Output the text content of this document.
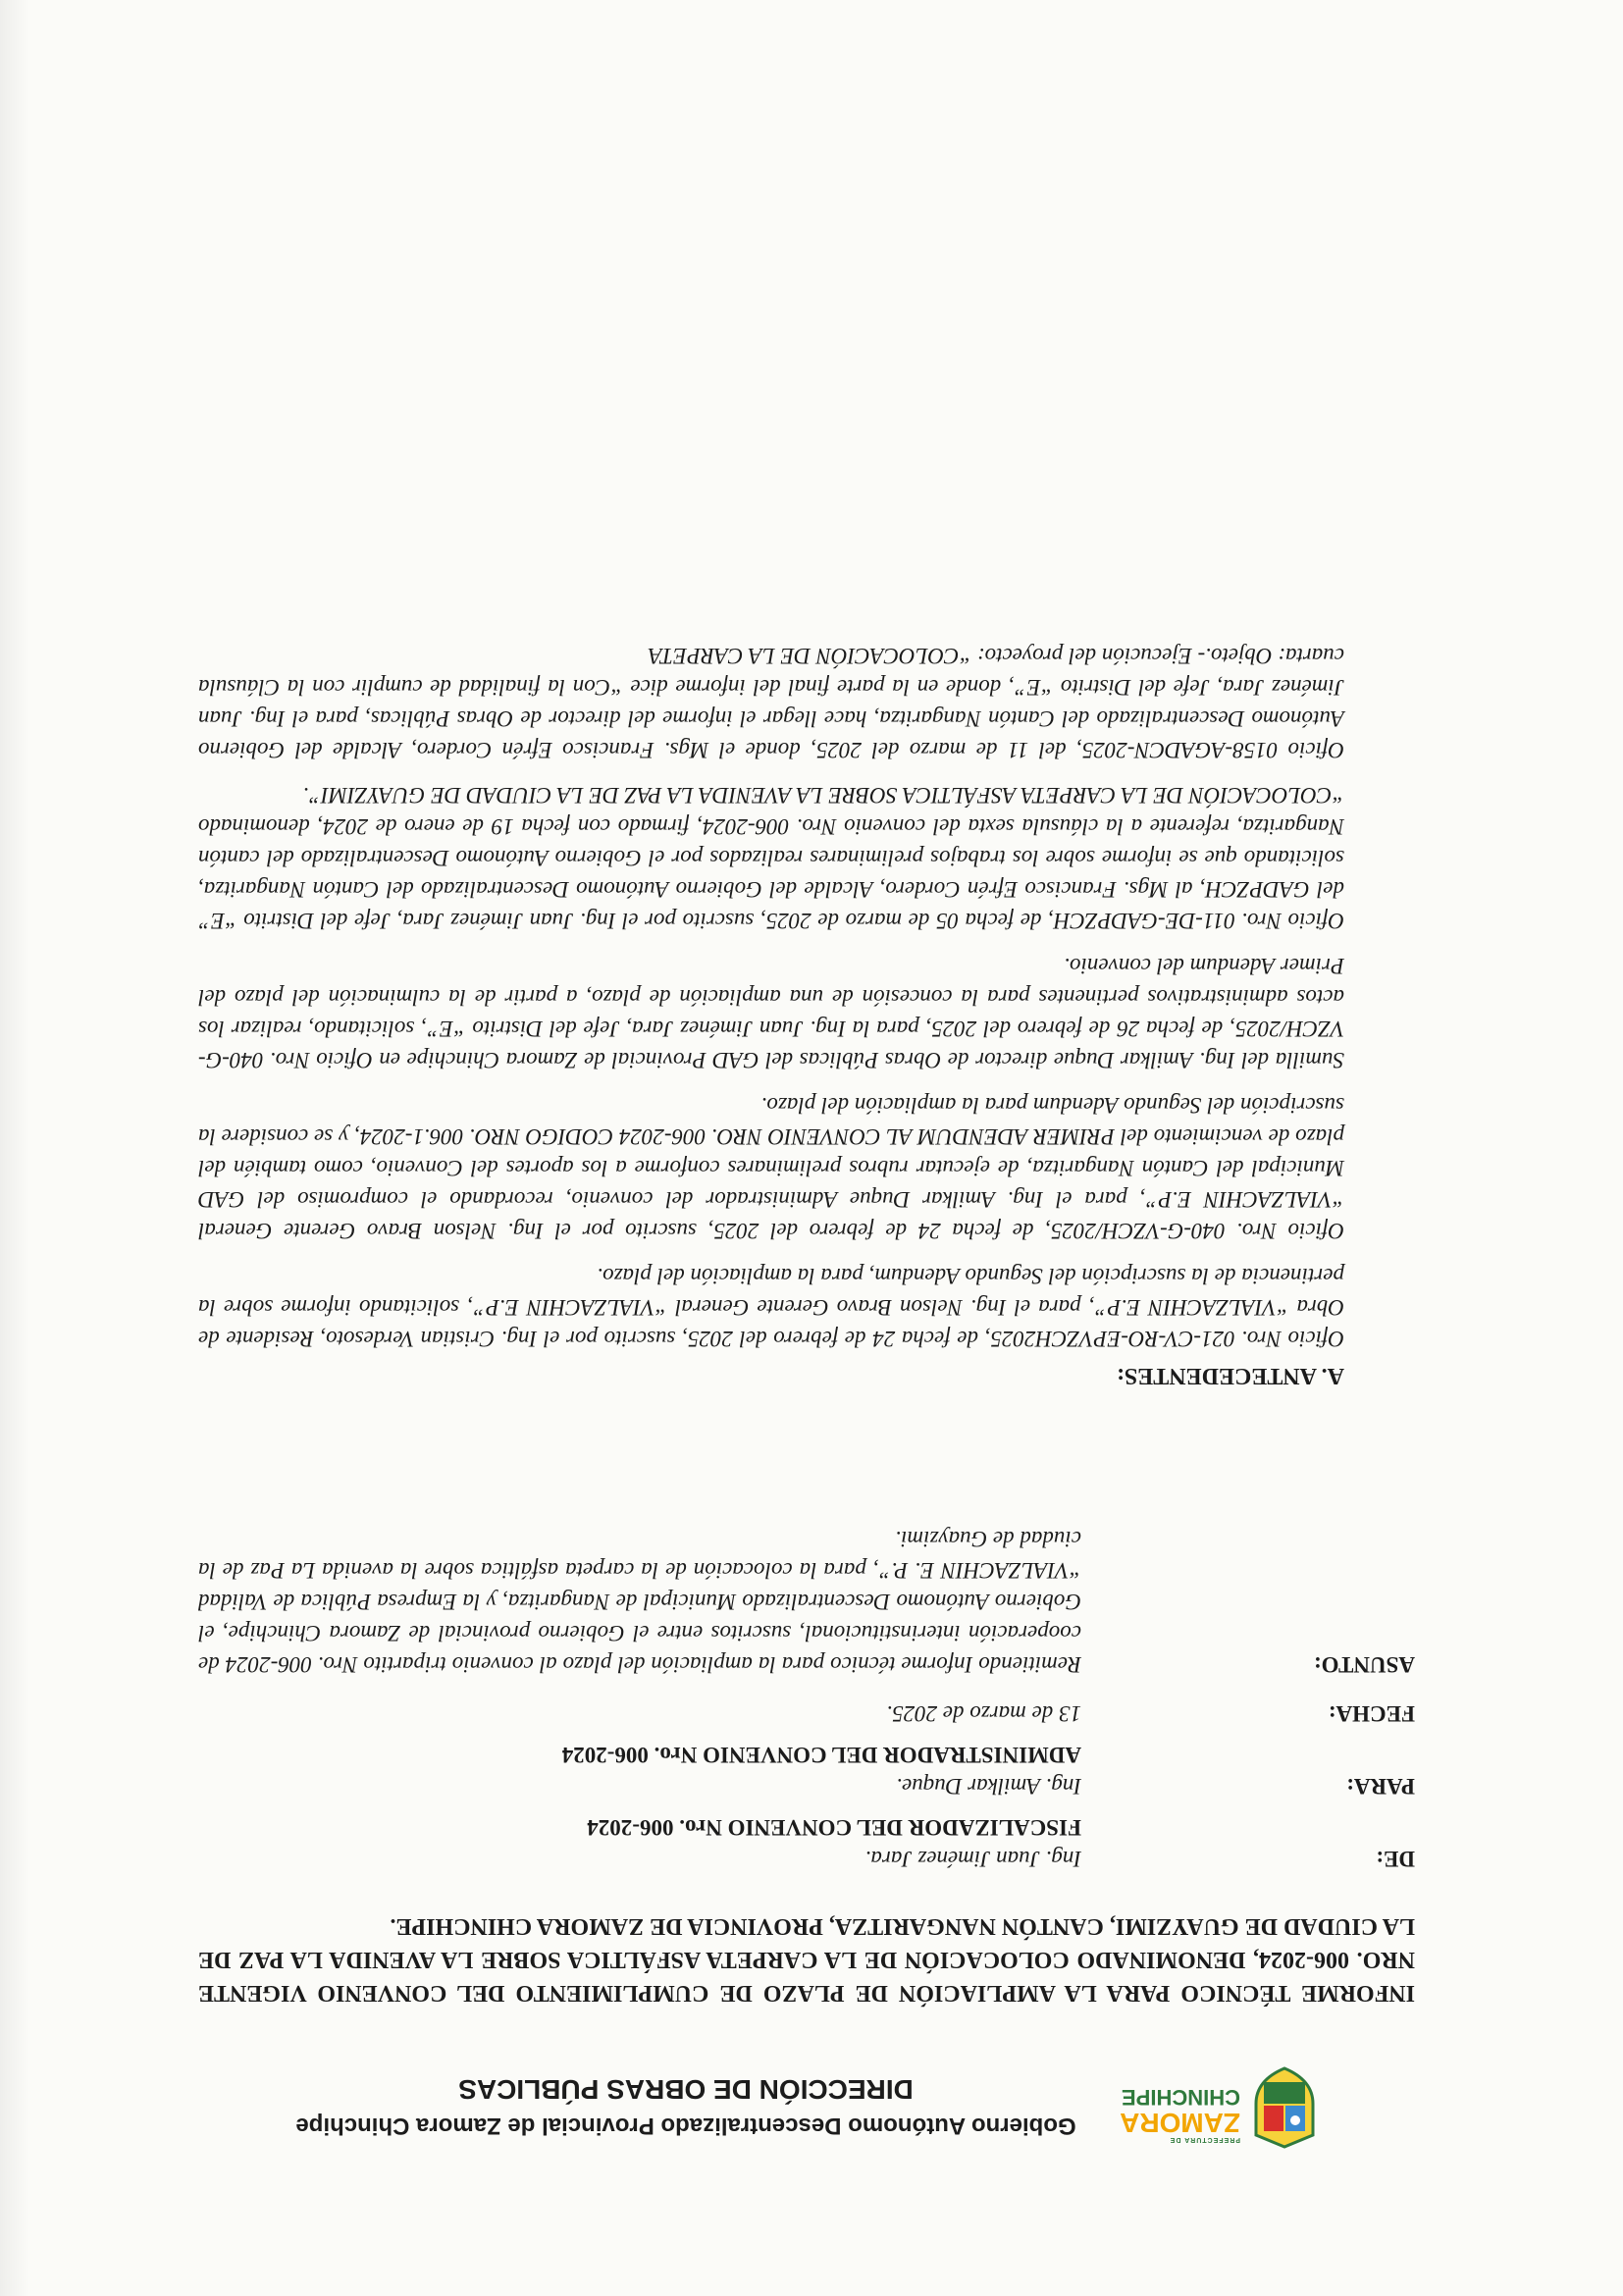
PREFECTURA DE
ZAMORA
CHINCHIPE
Gobierno Autónomo Descentralizado Provincial de Zamora Chinchipe
DIRECCIÓN DE OBRAS PÚBLICAS
INFORME TÉCNICO PARA LA AMPLIACIÓN DE PLAZO DE CUMPLIMIENTO DEL CONVENIO VIGENTE NRO. 006-2024, DENOMINADO COLOCACIÓN DE LA CARPETA ASFÁLTICA SOBRE LA AVENIDA LA PAZ DE LA CIUDAD DE GUAYZIMI, CANTÓN NANGARITZA, PROVINCIA DE ZAMORA CHINCHIPE.
DE:
Ing. Juan Jiménez Jara.
FISCALIZADOR DEL CONVENIO Nro. 006-2024
PARA:
Ing. Amilkar Duque.
ADMINISTRADOR DEL CONVENIO Nro. 006-2024
FECHA:
13 de marzo de 2025.
ASUNTO:
Remitiendo Informe técnico para la ampliación del plazo al convenio tripartito Nro. 006-2024 de cooperación interinstitucional, suscritos entre el Gobierno provincial de Zamora Chinchipe, el Gobierno Autónomo Descentralizado Municipal de Nangaritza, y la Empresa Pública de Validad “VIALZACHIN E. P.”, para la colocación de la carpeta asfáltica sobre la avenida La Paz de la ciudad de Guayzimi.
A. ANTECEDENTES:

Oficio Nro. 021-CV-RO-EPVZCH2025, de fecha 24 de febrero del 2025, suscrito por el Ing. Cristian Verdesoto, Residente de Obra “VIALZACHIN E.P”, para el Ing. Nelson Bravo Gerente General “VIALZACHIN E.P”, solicitando informe sobre la pertinencia de la suscripción del Segundo Adendum, para la ampliación del plazo.

Oficio Nro. 040-G-VZCH/2025, de fecha 24 de febrero del 2025, suscrito por el Ing. Nelson Bravo Gerente General “VIALZACHIN E.P”, para el Ing. Amilkar Duque Administrador del convenio, recordando el compromiso del GAD Municipal del Cantón Nangaritza, de ejecutar rubros preliminares conforme a los aportes del Convenio, como también del plazo de vencimiento del PRIMER ADENDUM AL CONVENIO NRO. 006-2024 CODIGO NRO. 006.1-2024, y se considere la suscripción del Segundo Adendum para la ampliación del plazo.

Sumilla del Ing. Amilkar Duque director de Obras Públicas del GAD Provincial de Zamora Chinchipe en Oficio Nro. 040-G-VZCH/2025, de fecha 26 de febrero del 2025, para la Ing. Juan Jiménez Jara, Jefe del Distrito “E”, solicitando, realizar los actos administrativos pertinentes para la concesión de una ampliación de plazo, a partir de la culminación del plazo del Primer Adendum del convenio.

Oficio Nro. 011-DE-GADPZCH, de fecha 05 de marzo de 2025, suscrito por el Ing. Juan Jiménez Jara, Jefe del Distrito “E” del GADPZCH, al Mgs. Francisco Efrén Cordero, Alcalde del Gobierno Autónomo Descentralizado del Cantón Nangaritza, solicitando que se informe sobre los trabajos preliminares realizados por el Gobierno Autónomo Descentralizado del cantón Nangaritza, referente a la cláusula sexta del convenio Nro. 006-2024, firmado con fecha 19 de enero de 2024, denominado “COLOCACIÓN DE LA CARPETA ASFÁLTICA SOBRE LA AVENIDA LA PAZ DE LA CIUDAD DE GUAYZIMI”.

Oficio 0158-AGADCN-2025, del 11 de marzo del 2025, donde el Mgs. Francisco Efrén Cordero, Alcalde del Gobierno Autónomo Descentralizado del Cantón Nangaritza, hace llegar el informe del director de Obras Públicas, para el Ing. Juan Jiménez Jara, Jefe del Distrito “E”, donde en la parte final del informe dice “Con la finalidad de cumplir con la Cláusula cuarta: Objeto.- Ejecución del proyecto: “COLOCACIÓN DE LA CARPETA
